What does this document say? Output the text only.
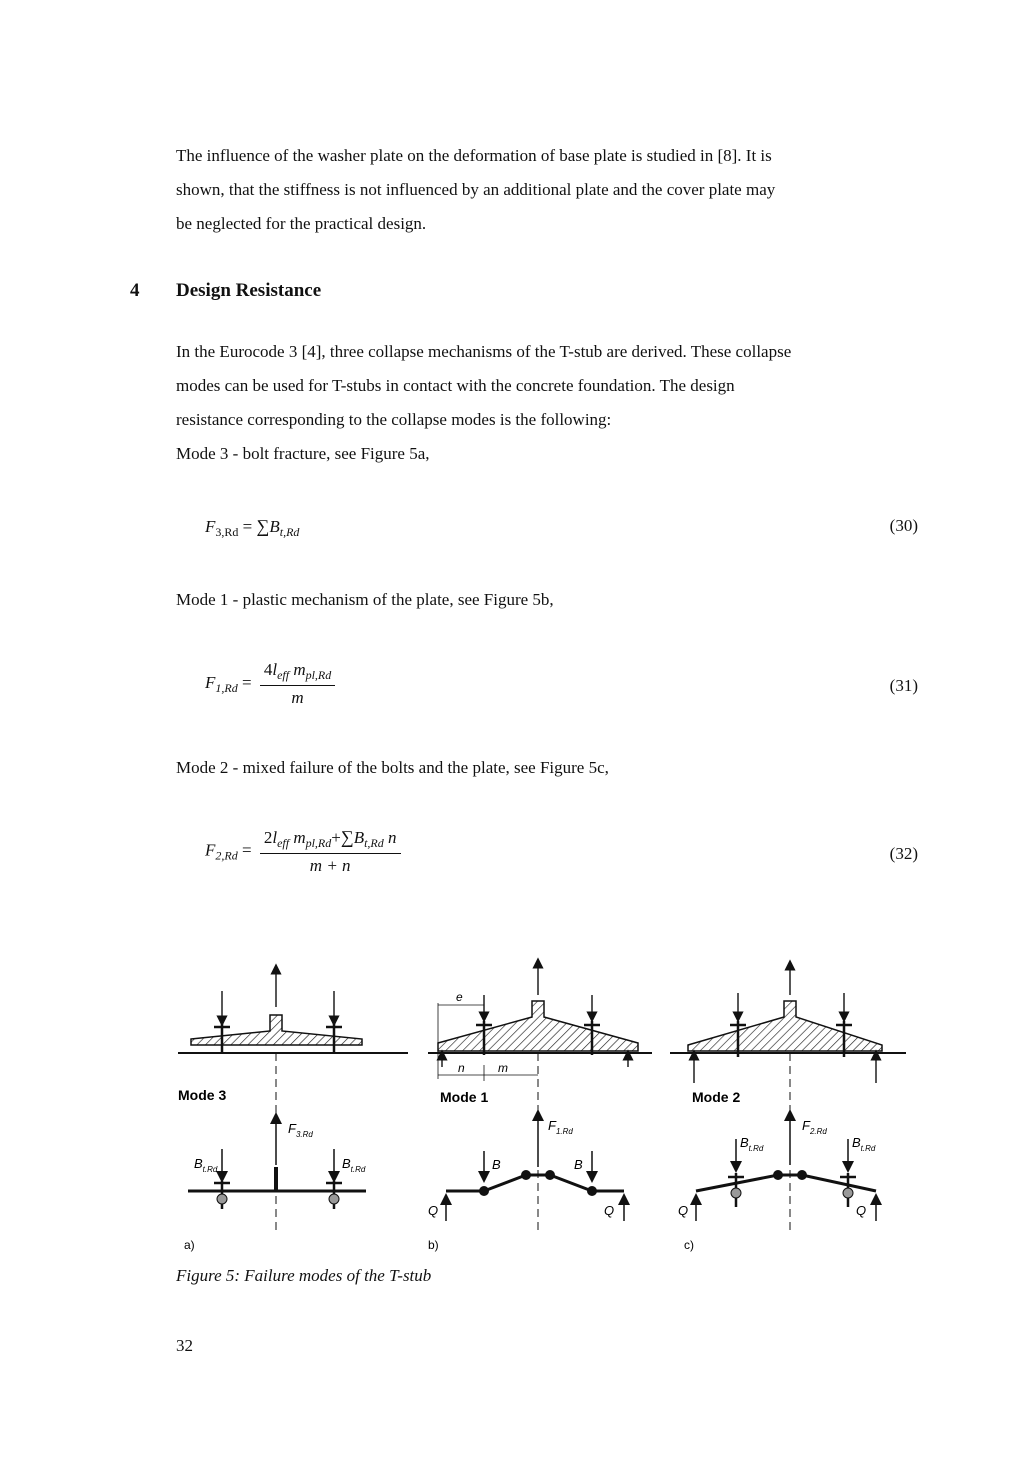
The influence of the washer plate on the deformation of base plate is studied in [8]. It is
shown, that the stiffness is not influenced by an additional plate and the cover plate may
be neglected for the practical design.

4 Design Resistance

In the Eurocode 3 [4], three collapse mechanisms of the T-stub are derived. These collapse
modes can be used for T-stubs in contact with the concrete foundation. The design
resistance corresponding to the collapse modes is the following:
Mode 3 - bolt fracture, see Figure 5a,

$F_{3,Rd} = \sum B_{t,Rd}$	(30)

Mode 1 - plastic mechanism of the plate, see Figure 5b,

$F_{1,Rd} = \frac{4l_{eff} m_{pl,Rd}}{m}$	(31)

Mode 2 - mixed failure of the bolts and the plate, see Figure 5c,

$F_{2,Rd} = \frac{2l_{eff} m_{pl,Rd}+\sum B_{t,Rd} n}{m + n}$	(32)
Mode 3
$F_{3.Rd}$
$B_{t.Rd}$	$B_{t.Rd}$
a)
e
n	m
Mode 1
$F_{1.Rd}$
B	B
Q	Q
b)
Mode 2
$F_{2.Rd}$
$B_{t.Rd}$	$B_{t.Rd}$
Q	Q
c)
Figure 5: Failure modes of the T-stub
32
